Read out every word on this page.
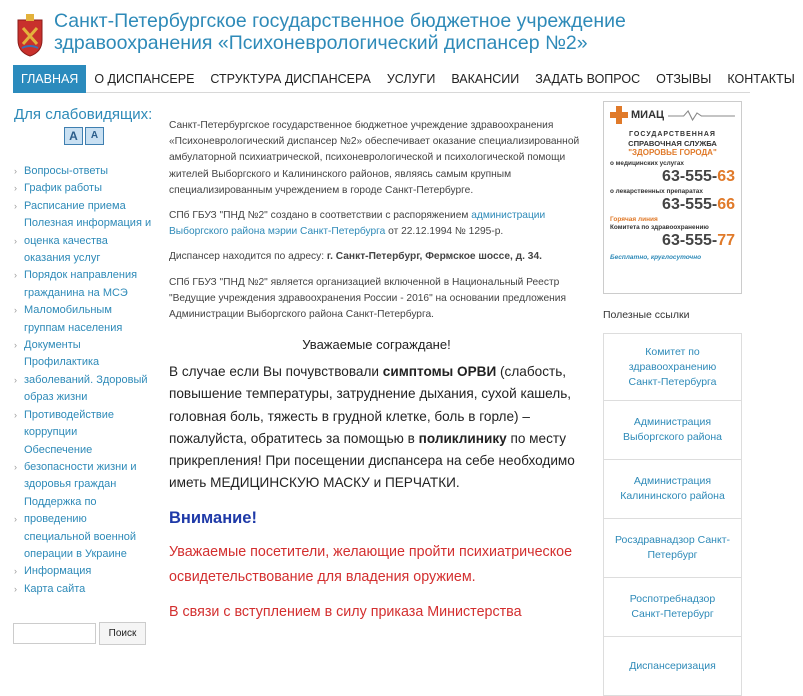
Санкт-Петербургское государственное бюджетное учреждение
здравоохранения «Психоневрологический диспансер №2»
ГЛАВНАЯ	О ДИСПАНСЕРЕ	СТРУКТУРА ДИСПАНСЕРА	УСЛУГИ	ВАКАНСИИ	ЗАДАТЬ ВОПРОС	ОТЗЫВЫ	КОНТАКТЫ
Для слабовидящих:
A	A
› Вопросы-ответы
› График работы
› Расписание приема
Полезная информация и
› оценка качества
оказания услуг
› Порядок направления
гражданина на МСЭ
› Маломобильным
группам населения
› Документы
Профилактика
› заболеваний. Здоровый
образ жизни
› Противодействие
коррупции
Обеспечение
› безопасности жизни и
здоровья граждан
Поддержка по
› проведению
специальной военной
операции в Украине
› Информация
› Карта сайта
Поиск

Санкт-Петербургское государственное бюджетное учреждение здравоохранения «Психоневрологический диспансер №2» обеспечивает оказание специализированной амбулаторной психиатрической, психоневрологической и психологической помощи жителей Выборгского и Калининского районов, являясь самым крупным специализированным учреждением в городе Санкт-Петербурге.

СПб ГБУЗ "ПНД №2" создано в соответствии с распоряжением администрации Выборгского района мэрии Санкт-Петербурга от 22.12.1994 № 1295-р.

Диспансер находится по адресу: г. Санкт-Петербург, Фермское шоссе, д. 34.

СПб ГБУЗ "ПНД №2" является организацией включенной в Национальный Реестр "Ведущие учреждения здравоохранения России - 2016" на основании предложения Администрации Выборгского района Санкт-Петербурга.

Уважаемые сограждане!

В случае если Вы почувствовали симптомы ОРВИ (слабость, повышение температуры, затруднение дыхания, сухой кашель, головная боль, тяжесть в грудной клетке, боль в горле) – пожалуйста, обратитесь за помощью в поликлинику по месту прикрепления! При посещении диспансера на себе необходимо иметь МЕДИЦИНСКУЮ МАСКУ и ПЕРЧАТКИ.

Внимание!

Уважаемые посетители, желающие пройти психиатрическое освидетельствование для владения оружием.

В связи с вступлением в силу приказа Министерства

МИАЦ
ГОСУДАРСТВЕННАЯ
СПРАВОЧНАЯ СЛУЖБА
"ЗДОРОВЬЕ ГОРОДА"
о медицинских услугах
63-555-63
о лекарственных препаратах
63-555-66
Горячая линия
Комитета по здравоохранению
63-555-77
Бесплатно, круглосуточно
Полезные ссылки
Комитет по здравоохранению Санкт-Петербурга
Администрация Выборгского района
Администрация Калининского района
Росздравнадзор Санкт-Петербург
Роспотребнадзор Санкт-Петербург
Диспансеризация
